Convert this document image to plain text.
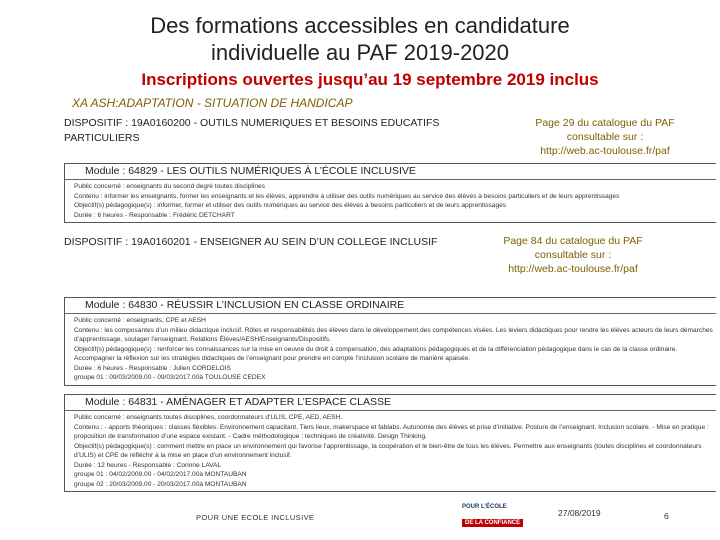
Des formations accessibles en candidature
individuelle au PAF 2019-2020
Inscriptions ouvertes jusqu’au 19 septembre 2019 inclus
XA ASH:ADAPTATION - SITUATION DE HANDICAP
DISPOSITIF : 19A0160200 - OUTILS NUMERIQUES ET BESOINS EDUCATIFS PARTICULIERS
Page 29 du catalogue du PAF
consultable sur :
http://web.ac-toulouse.fr/paf
Module : 64829 - LES OUTILS NUMÉRIQUES À L’ÉCOLE INCLUSIVE
Public concerné : enseignants du second degré toutes disciplines
Contenu : informer les enseignants, former les enseignants et les élèves, apprendre à utiliser des outils numériques au service des élèves à besoins particuliers et de leurs apprentissages
Objectif(s) pédagogique(s) : informer, former et utiliser des outils numériques au service des élèves à besoins particuliers et de leurs apprentissages
Durée : 6 heures - Responsable : Frédéric DETCHART
DISPOSITIF : 19A0160201 - ENSEIGNER AU SEIN D’UN COLLEGE INCLUSIF	Page 84 du catalogue du PAF
consultable sur :
http://web.ac-toulouse.fr/paf
Module : 64830 - RÉUSSIR L’INCLUSION EN CLASSE ORDINAIRE
Public concerné : enseignants, CPE et AESH
Contenu : les composantes d’un milieu didactique inclusif. Rôles et responsabilités des élèves dans le développement des compétences visées. Les leviers didactiques pour rendre les élèves acteurs de leurs démarches d’apprentissage, soulager l’enseignant. Relations Élèves/AESH/Enseignants/Dispositifs.
Objectif(s) pédagogique(s) : renforcer les connaissances sur la mise en oeuvre du droit à compensation, des adaptations pédagogiques et de la différenciation pédagogique dans le cas de la classe ordinaire. Accompagner la réflexion sur les stratégies didactiques de l’enseignant pour prendre en compte l’inclusion scolaire de manière apaisée.
Durée : 6 heures - Responsable : Julien CORDELOIS
groupe 01 : 09/03/2009.00 - 09/03/2017.00à TOULOUSE CEDEX
Module : 64831 - AMÉNAGER ET ADAPTER L’ESPACE CLASSE
Public concerné : enseignants toutes disciplines, coordonnateurs d’ULIS, CPE, AED, AESH.
Contenu : - apports théoriques : classes flexibles. Environnement capacitant. Tiers lieux, makerspace et fablabs. Autonomie des élèves et prise d’initiative. Posture de l’enseignant. Inclusion scolaire. - Mise en pratique : proposition de transformation d’une espace existant. - Cadre méthodologique : techniques de créativité. Design Thinking.
Objectif(s) pédagogique(s) : comment mettre en place un environnement qui favorise l’apprentissage, la coopération et le bien-être de tous les élèves. Permettre aux enseignants (toutes disciplines et coordonnateurs d’ULIS) et CPE de réfléchir à la mise en place d’un environnement inclusif.
Durée : 12 heures - Responsable : Corinne LAVAL
groupe 01 : 04/02/2009.00 - 04/02/2017.00à MONTAUBAN
groupe 02 : 20/03/2009.00 - 20/03/2017.00à MONTAUBAN
POUR UNE ECOLE INCLUSIVE
POUR L’ÉCOLE
DE LA CONFIANCE
27/08/2019	6
